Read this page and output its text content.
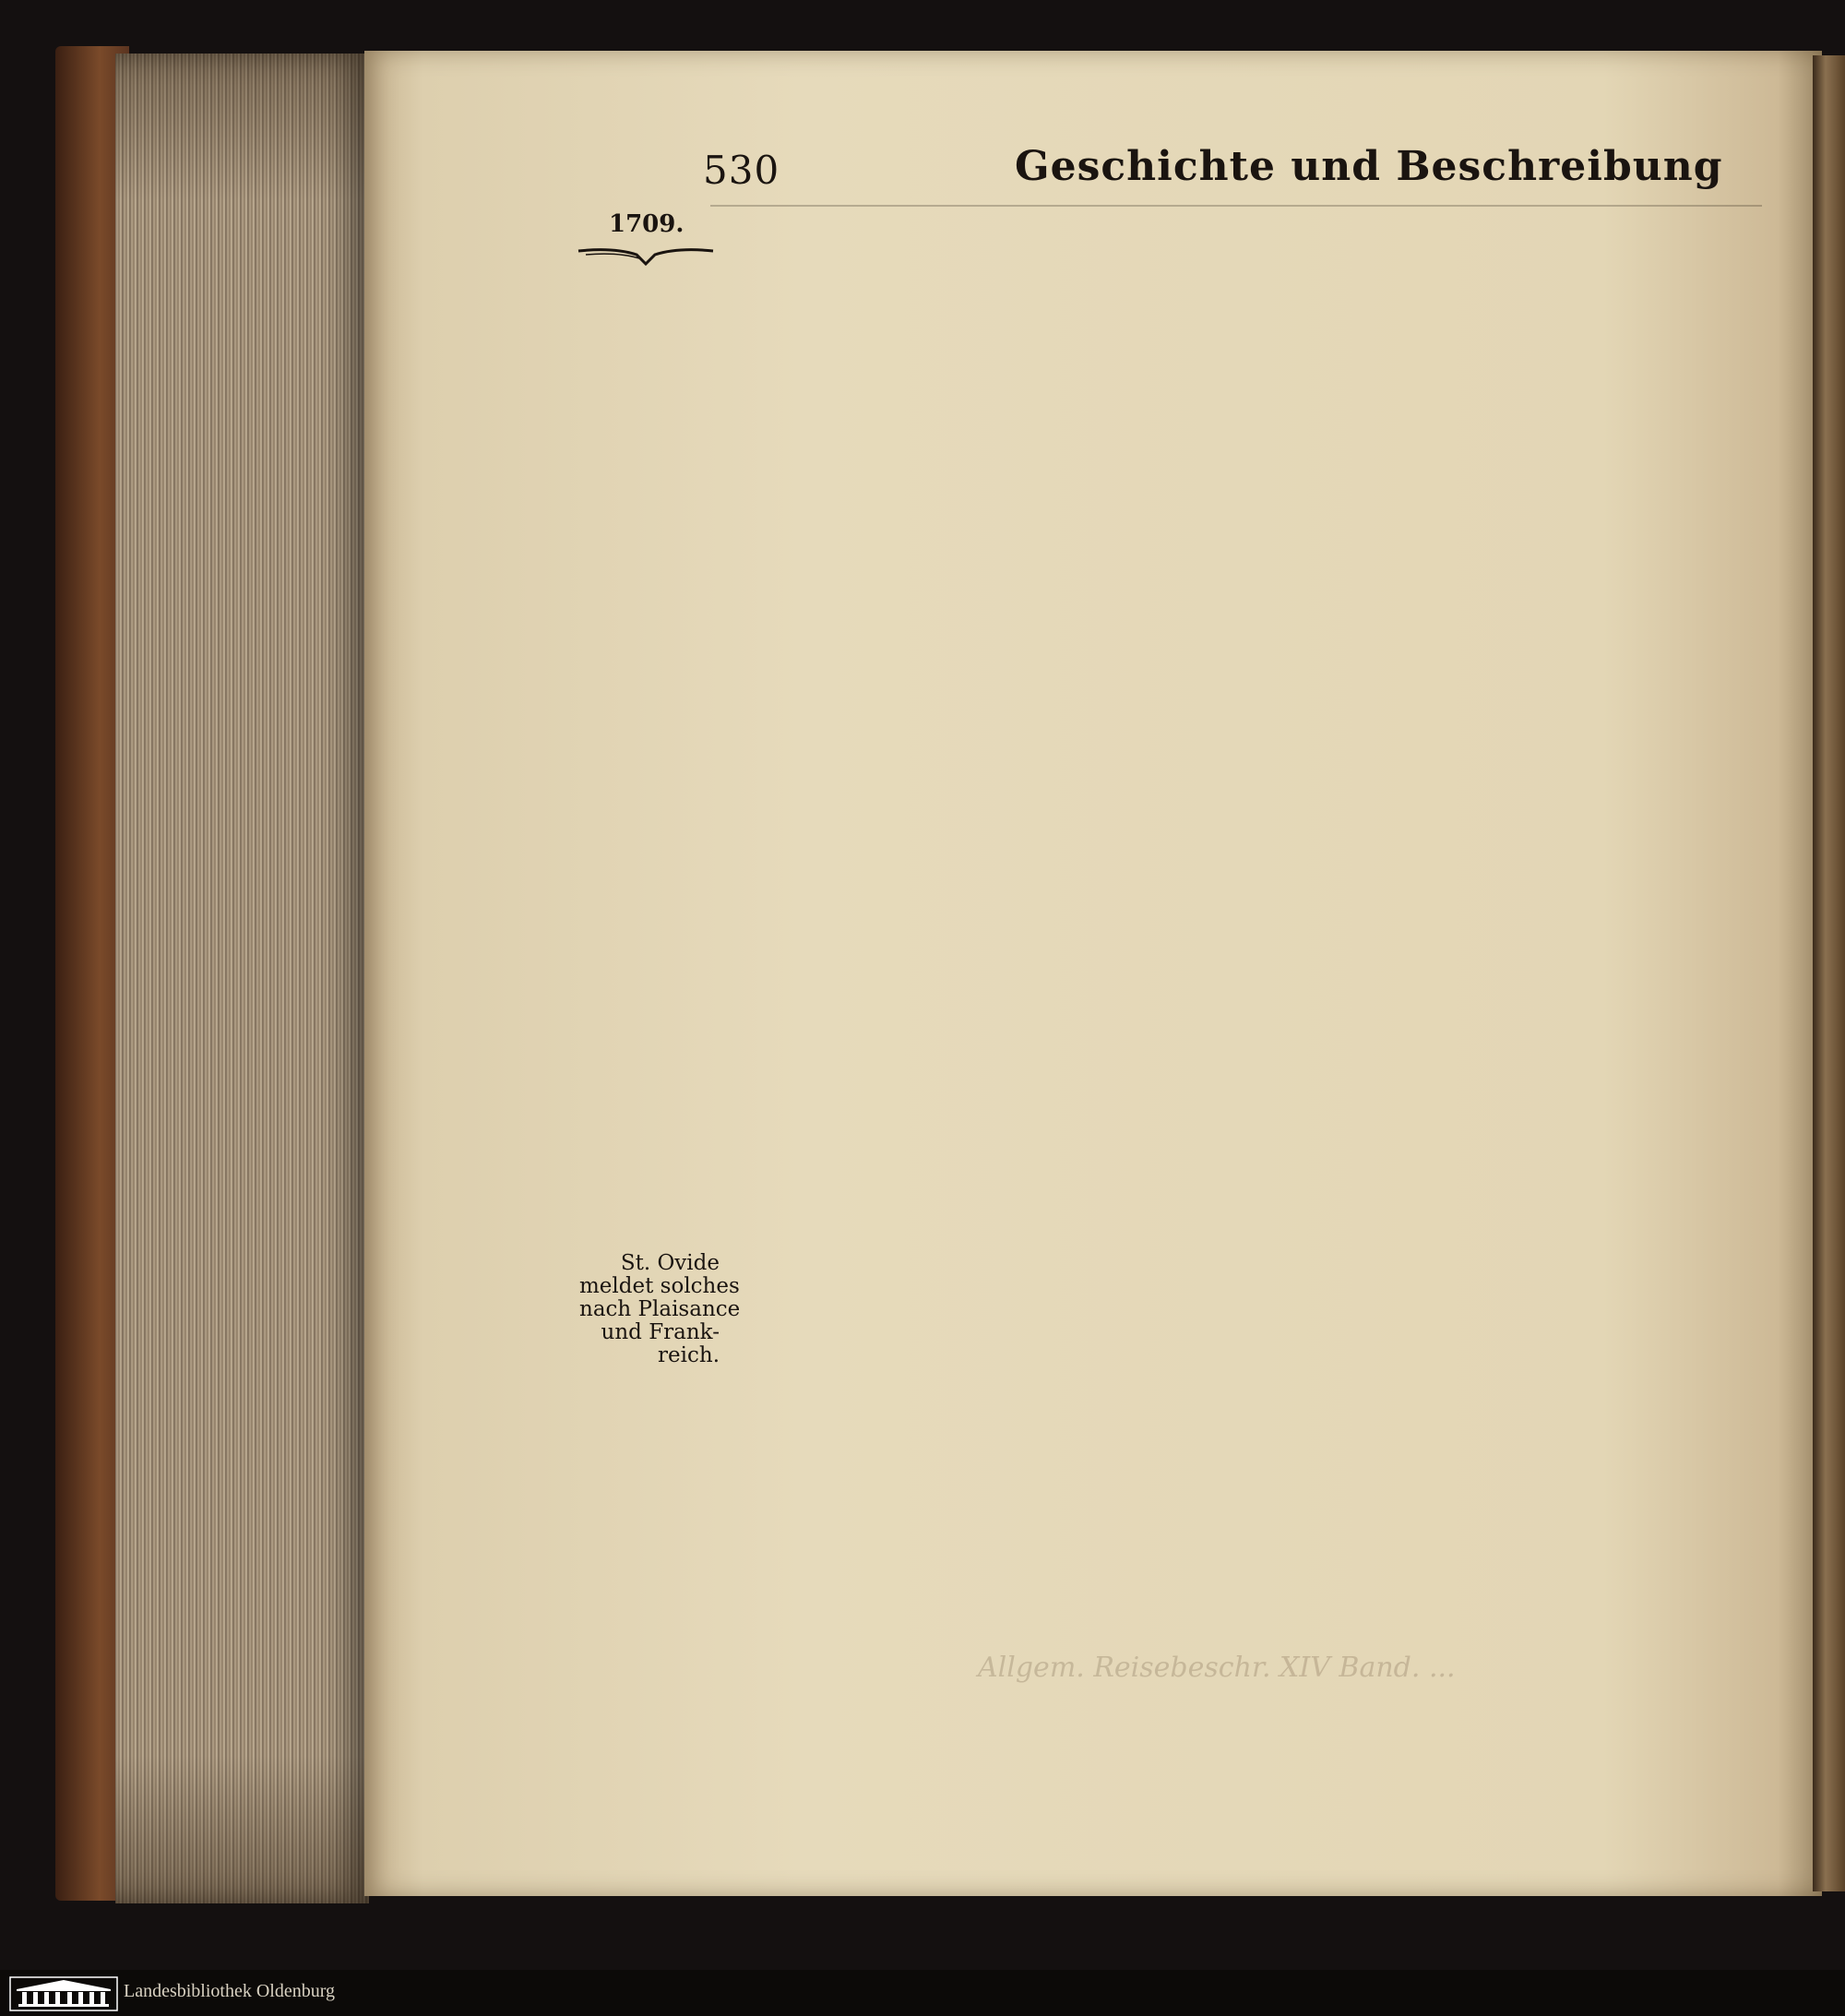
Allgem. Reisebeschr. XIV Band. ...
530	Geschichte und Beschreibung
1709.
St. Ovide
meldet solches
nach Plaisance
und Frank-
reich.
Landesbibliothek Oldenburg
